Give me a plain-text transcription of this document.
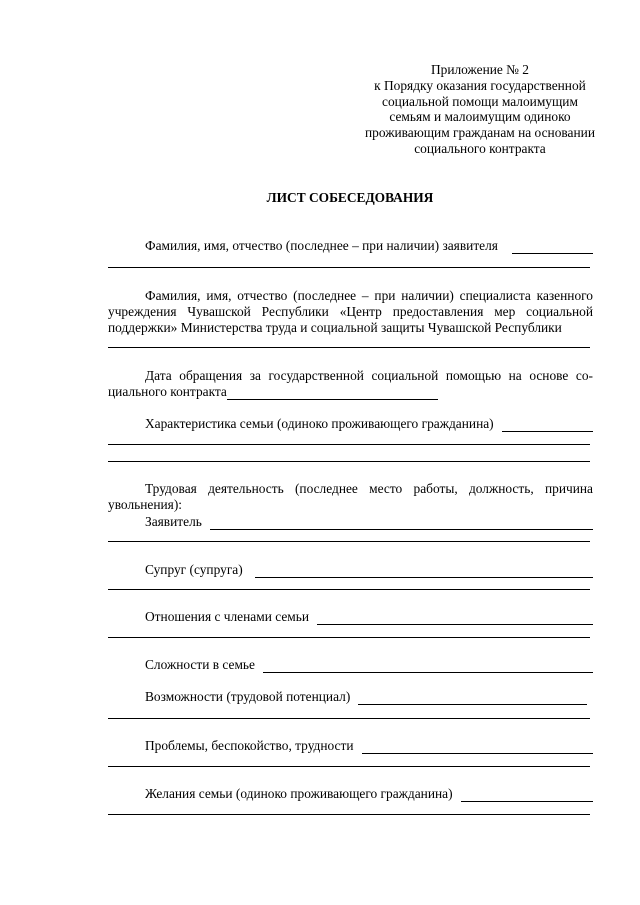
Приложение № 2
к Порядку оказания государственной
социальной помощи малоимущим
семьям и малоимущим одиноко
проживающим гражданам на основании
социального контракта
ЛИСТ СОБЕСЕДОВАНИЯ
Фамилия, имя, отчество (последнее – при наличии) заявителя
Фамилия, имя, отчество (последнее – при наличии) специалиста казенного учреждения Чувашской Республики «Центр предоставления мер социальной поддержки» Министерства труда и социальной защиты Чувашской Республики
Дата обращения за государственной социальной помощью на основе со-
циального контракта
Характеристика семьи (одиноко проживающего гражданина)
Трудовая деятельность (последнее место работы, должность, причина увольнения):
Заявитель
Супруг (супруга)
Отношения с членами семьи
Сложности в семье
Возможности (трудовой потенциал)
Проблемы, беспокойство, трудности
Желания семьи (одиноко проживающего гражданина)
